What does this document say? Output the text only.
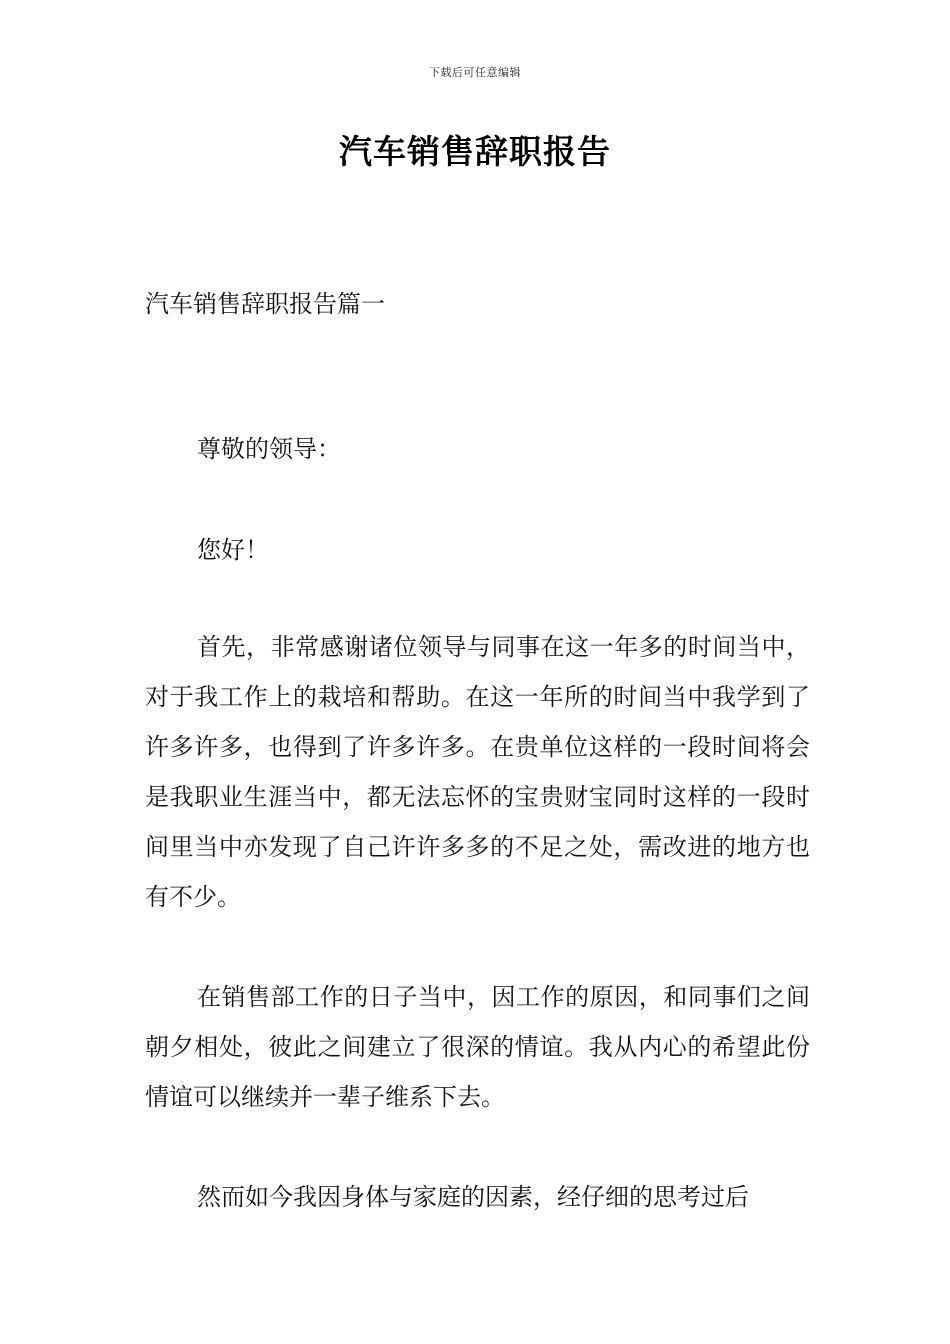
下载后可任意编辑
汽车销售辞职报告
汽车销售辞职报告篇一

尊敬的领导：

您好！

首先，非常感谢诸位领导与同事在这一年多的时间当中，对于我工作上的栽培和帮助。在这一年所的时间当中我学到了许多许多，也得到了许多许多。在贵单位这样的一段时间将会是我职业生涯当中，都无法忘怀的宝贵财宝同时这样的一段时间里当中亦发现了自己许许多多的不足之处，需改进的地方也有不少。

在销售部工作的日子当中，因工作的原因，和同事们之间朝夕相处，彼此之间建立了很深的情谊。我从内心的希望此份情谊可以继续并一辈子维系下去。

然而如今我因身体与家庭的因素，经仔细的思考过后
